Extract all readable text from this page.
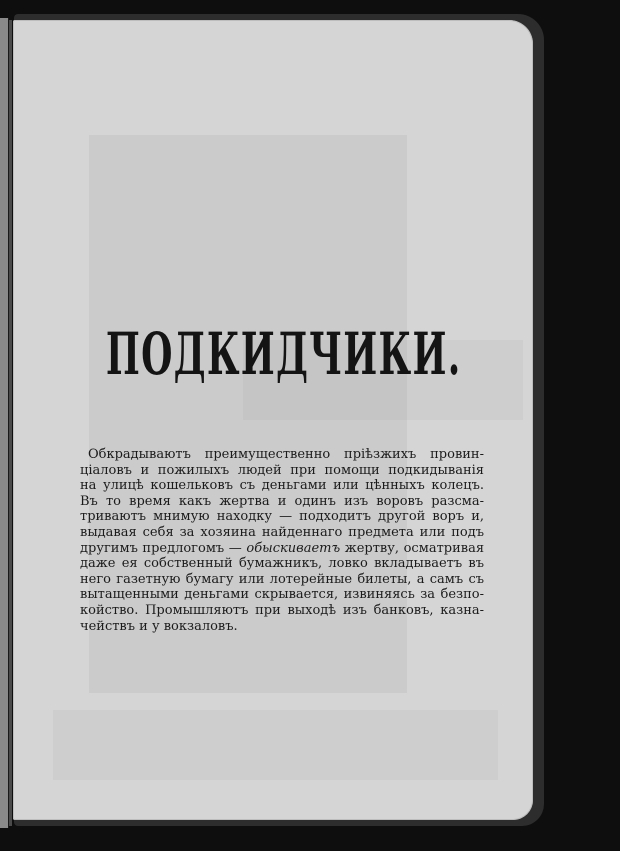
ПОДКИДЧИКИ.
Обкрадываютъ преимущественно пріѣзжихъ провин-
ціаловъ и пожилыхъ людей при помощи подкидыванія
на улицѣ кошельковъ съ деньгами или цѣнныхъ колецъ.
Въ то время какъ жертва и одинъ изъ воровъ разсма-
триваютъ мнимую находку — подходитъ другой воръ и,
выдавая себя за хозяина найденнаго предмета или подъ
другимъ предлогомъ — обыскиваетъ жертву, осматривая
даже ея собственный бумажникъ, ловко вкладываетъ въ
него газетную бумагу или лотерейные билеты, а самъ съ
вытащенными деньгами скрывается, извиняясь за безпо-
койство. Промышляютъ при выходѣ изъ банковъ, казна-
чействъ и у вокзаловъ.
